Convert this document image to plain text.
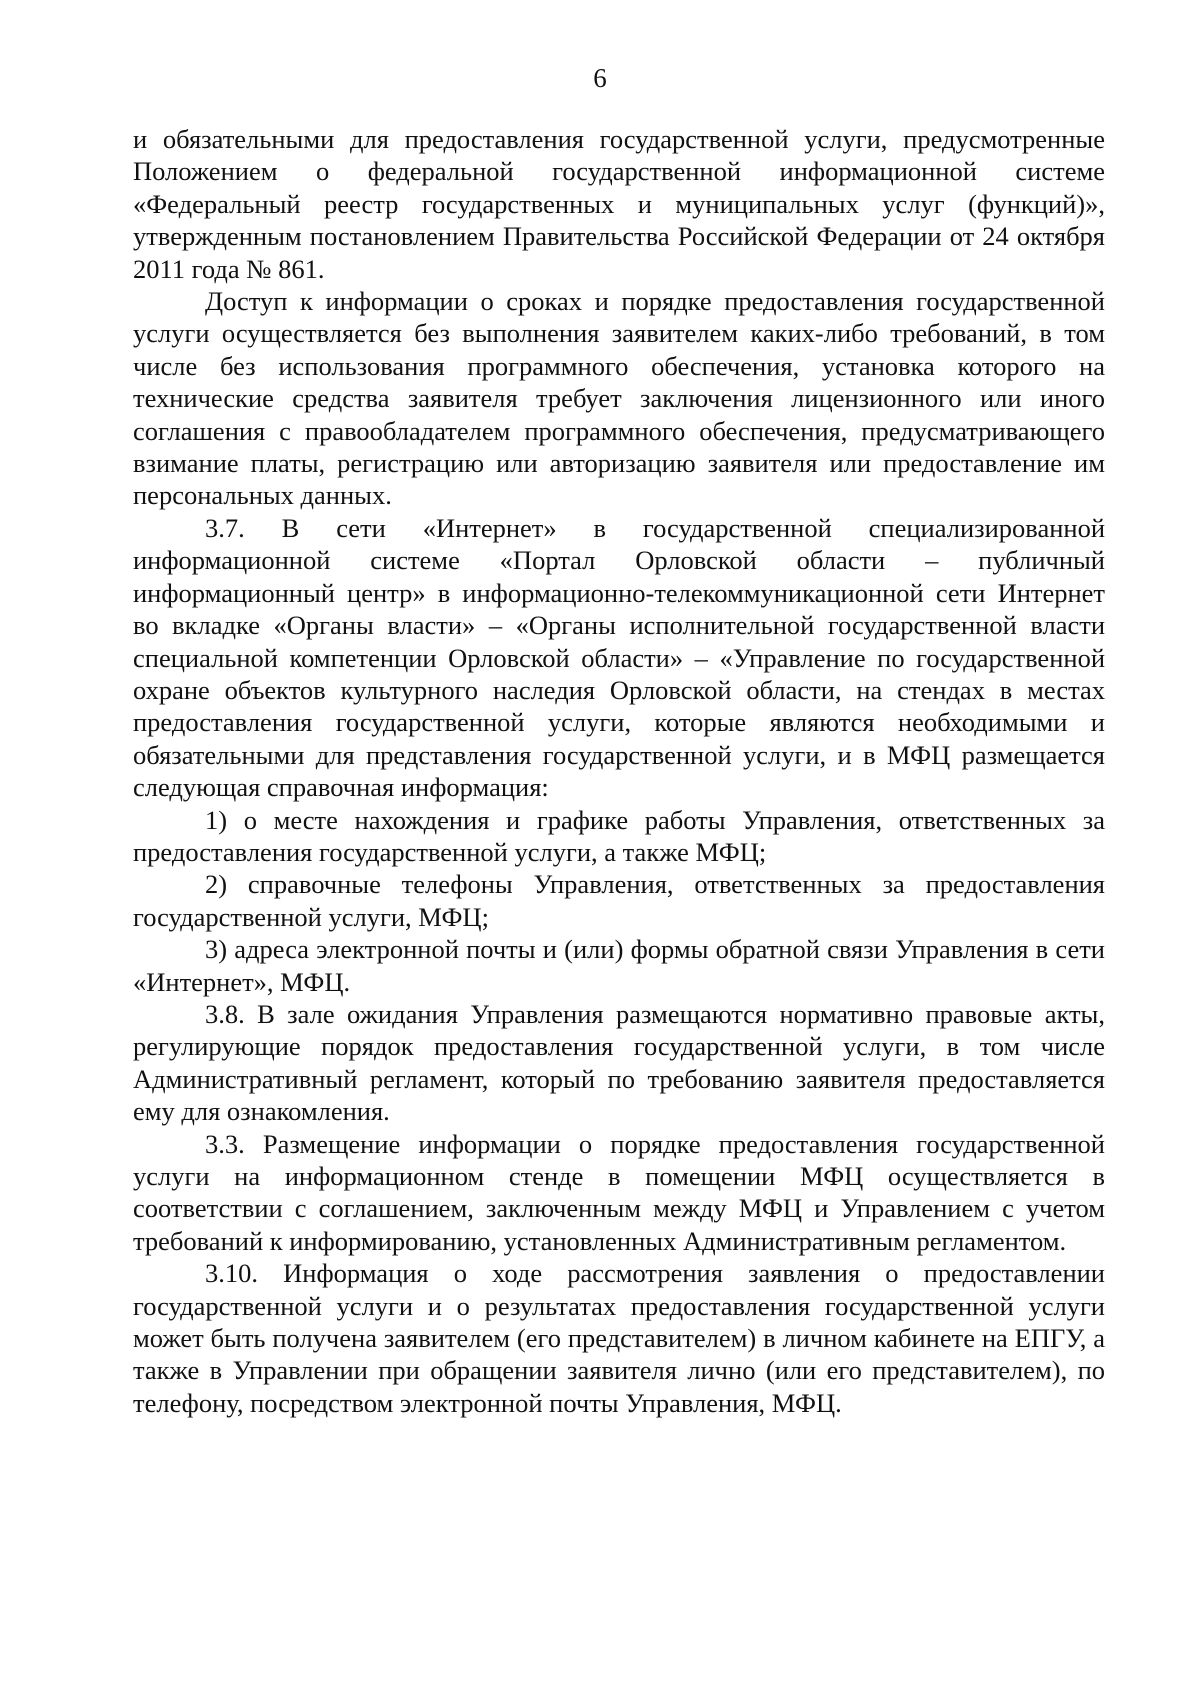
6

и обязательными для предоставления государственной услуги, предусмотренные Положением о федеральной государственной информационной системе «Федеральный реестр государственных и муниципальных услуг (функций)», утвержденным постановлением Правительства Российской Федерации от 24 октября 2011 года № 861.

Доступ к информации о сроках и порядке предоставления государственной услуги осуществляется без выполнения заявителем каких-либо требований, в том числе без использования программного обеспечения, установка которого на технические средства заявителя требует заключения лицензионного или иного соглашения с правообладателем программного обеспечения, предусматривающего взимание платы, регистрацию или авторизацию заявителя или предоставление им персональных данных.

3.7. В сети «Интернет» в государственной специализированной информационной системе «Портал Орловской области – публичный информационный центр» в информационно-телекоммуникационной сети Интернет во вкладке «Органы власти» – «Органы исполнительной государственной власти специальной компетенции Орловской области» – «Управление по государственной охране объектов культурного наследия Орловской области, на стендах в местах предоставления государственной услуги, которые являются необходимыми и обязательными для представления государственной услуги, и в МФЦ размещается следующая справочная информация:

1) о месте нахождения и графике работы Управления, ответственных за предоставления государственной услуги, а также МФЦ;

2) справочные телефоны Управления, ответственных за предоставления государственной услуги, МФЦ;

3) адреса электронной почты и (или) формы обратной связи Управления в сети «Интернет», МФЦ.

3.8. В зале ожидания Управления размещаются нормативно правовые акты, регулирующие порядок предоставления государственной услуги, в том числе Административный регламент, который по требованию заявителя предоставляется ему для ознакомления.

3.3. Размещение информации о порядке предоставления государственной услуги на информационном стенде в помещении МФЦ осуществляется в соответствии с соглашением, заключенным между МФЦ и Управлением с учетом требований к информированию, установленных Административным регламентом.

3.10. Информация о ходе рассмотрения заявления о предоставлении государственной услуги и о результатах предоставления государственной услуги может быть получена заявителем (его представителем) в личном кабинете на ЕПГУ, а также в Управлении при обращении заявителя лично (или его представителем), по телефону, посредством электронной почты Управления, МФЦ.
